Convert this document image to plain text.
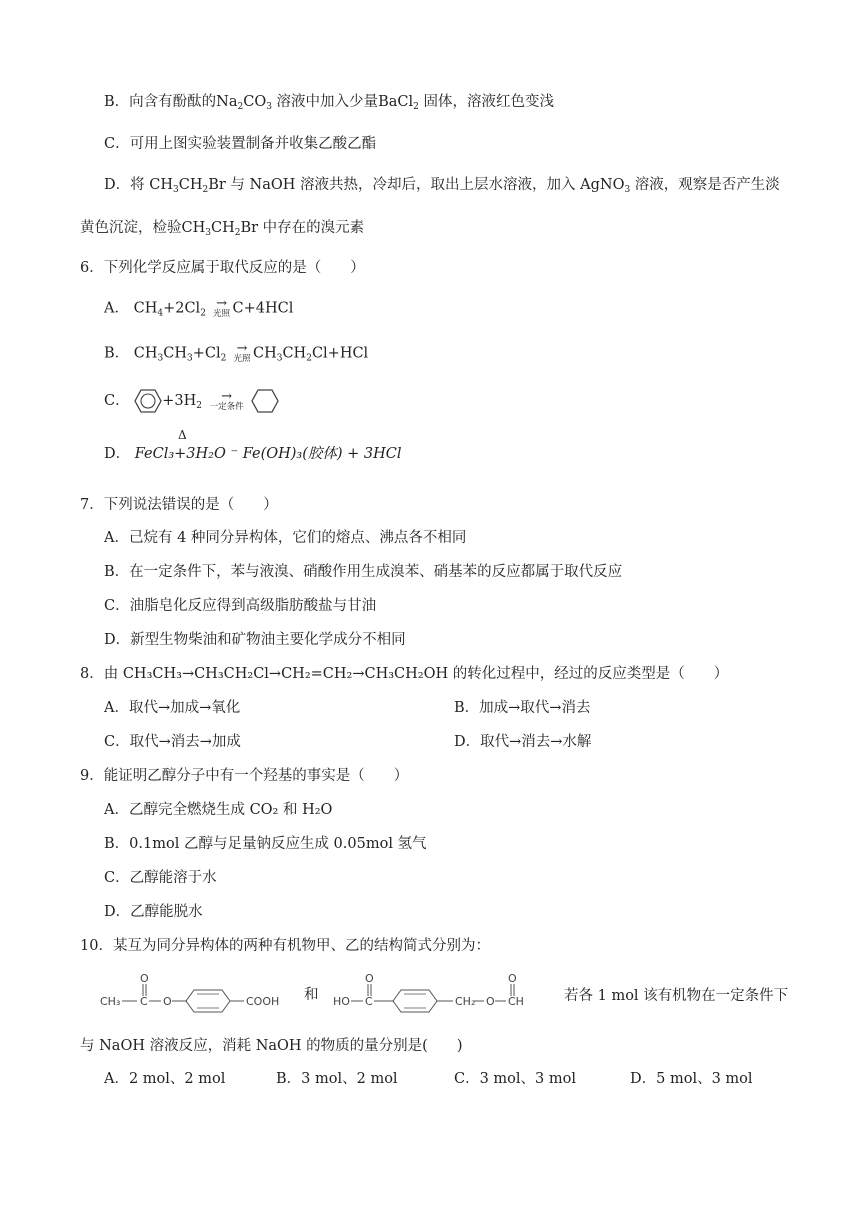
B．向含有酚酞的$Na_2CO_3$ 溶液中加入少量BaCl$_2$ 固体，溶液红色变浅
C．可用上图实验装置制备并收集乙酸乙酯
D．将 $CH_3CH_2Br$ 与 NaOH 溶液共热，冷却后，取出上层水溶液，加入 AgNO$_3$ 溶液，观察是否产生淡
黄色沉淀，检验$CH_3CH_2Br$ 中存在的溴元素
6．下列化学反应属于取代反应的是（　　）
A． $CH_4+2Cl_2$
→
光照 C+4HCl
B． $CH_3CH_3+Cl_2$
→
光照 $CH_3CH_2Cl+HCl$
C． $+3H_2$
→
一定条件

Δ
D． FeCl₃+3H₂O ⁻ Fe(OH)₃(胶体) + 3HCl
7．下列说法错误的是（　　）
A．己烷有 4 种同分异构体，它们的熔点、沸点各不相同
B．在一定条件下，苯与液溴、硝酸作用生成溴苯、硝基苯的反应都属于取代反应
C．油脂皂化反应得到高级脂肪酸盐与甘油
D．新型生物柴油和矿物油主要化学成分不相同
8．由 CH₃CH₃→CH₃CH₂Cl→CH₂=CH₂→CH₃CH₂OH 的转化过程中，经过的反应类型是（　　）
A．取代→加成→氧化	B．加成→取代→消去
C．取代→消去→加成	D．取代→消去→水解
9．能证明乙醇分子中有一个羟基的事实是（　　）
A．乙醇完全燃烧生成 CO₂ 和 H₂O
B．0.1mol 乙醇与足量钠反应生成 0.05mol 氢气
C．乙醇能溶于水
D．乙醇能脱水
10．某互为同分异构体的两种有机物甲、乙的结构简式分别为：
O
CH₃ C O	COOH 和
O
HO C	CH₂ O
O
CH	若各 1 mol 该有机物在一定条件下
与 NaOH 溶液反应，消耗 NaOH 的物质的量分别是(　　)
A．2 mol、2 mol	B．3 mol、2 mol	C．3 mol、3 mol	D．5 mol、3 mol
